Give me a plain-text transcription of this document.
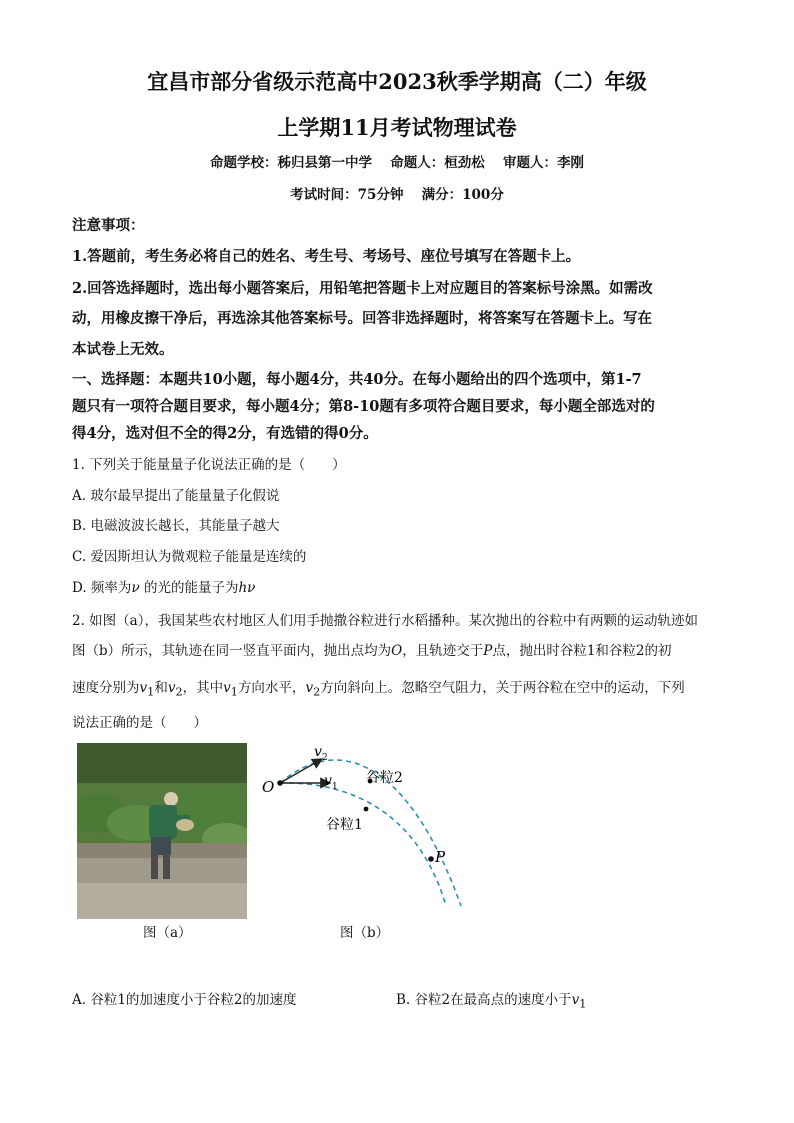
宜昌市部分省级示范高中2023秋季学期高（二）年级
上学期11月考试物理试卷
命题学校：秭归县第一中学　 命题人：桓劲松　 审题人：李刚
考试时间：75分钟　 满分：100分
注意事项：
1.答题前，考生务必将自己的姓名、考生号、考场号、座位号填写在答题卡上。
2.回答选择题时，选出每小题答案后，用铅笔把答题卡上对应题目的答案标号涂黑。如需改
动，用橡皮擦干净后，再选涂其他答案标号。回答非选择题时，将答案写在答题卡上。写在
本试卷上无效。
一、选择题：本题共10小题，每小题4分，共40分。在每小题给出的四个选项中，第1-7
题只有一项符合题目要求，每小题4分；第8-10题有多项符合题目要求，每小题全部选对的
得4分，选对但不全的得2分，有选错的得0分。
1. 下列关于能量量子化说法正确的是（　　）
A. 玻尔最早提出了能量量子化假说
B. 电磁波波长越长，其能量子越大
C. 爱因斯坦认为微观粒子能量是连续的
D. 频率为ν 的光的能量子为hν
2. 如图（a），我国某些农村地区人们用手抛撒谷粒进行水稻播种。某次抛出的谷粒中有两颗的运动轨迹如
图（b）所示，其轨迹在同一竖直平面内，抛出点均为O，且轨迹交于P点，抛出时谷粒1和谷粒2的初
速度分别为$v_1$和$v_2$，其中$v_1$方向水平，$v_2$方向斜向上。忽略空气阻力，关于两谷粒在空中的运动，下列
说法正确的是（　　）
图（a）
O
P
v 2
v 1
谷粒2
谷粒1
图（b）
A. 谷粒1的加速度小于谷粒2的加速度	B. 谷粒2在最高点的速度小于$v_1$
